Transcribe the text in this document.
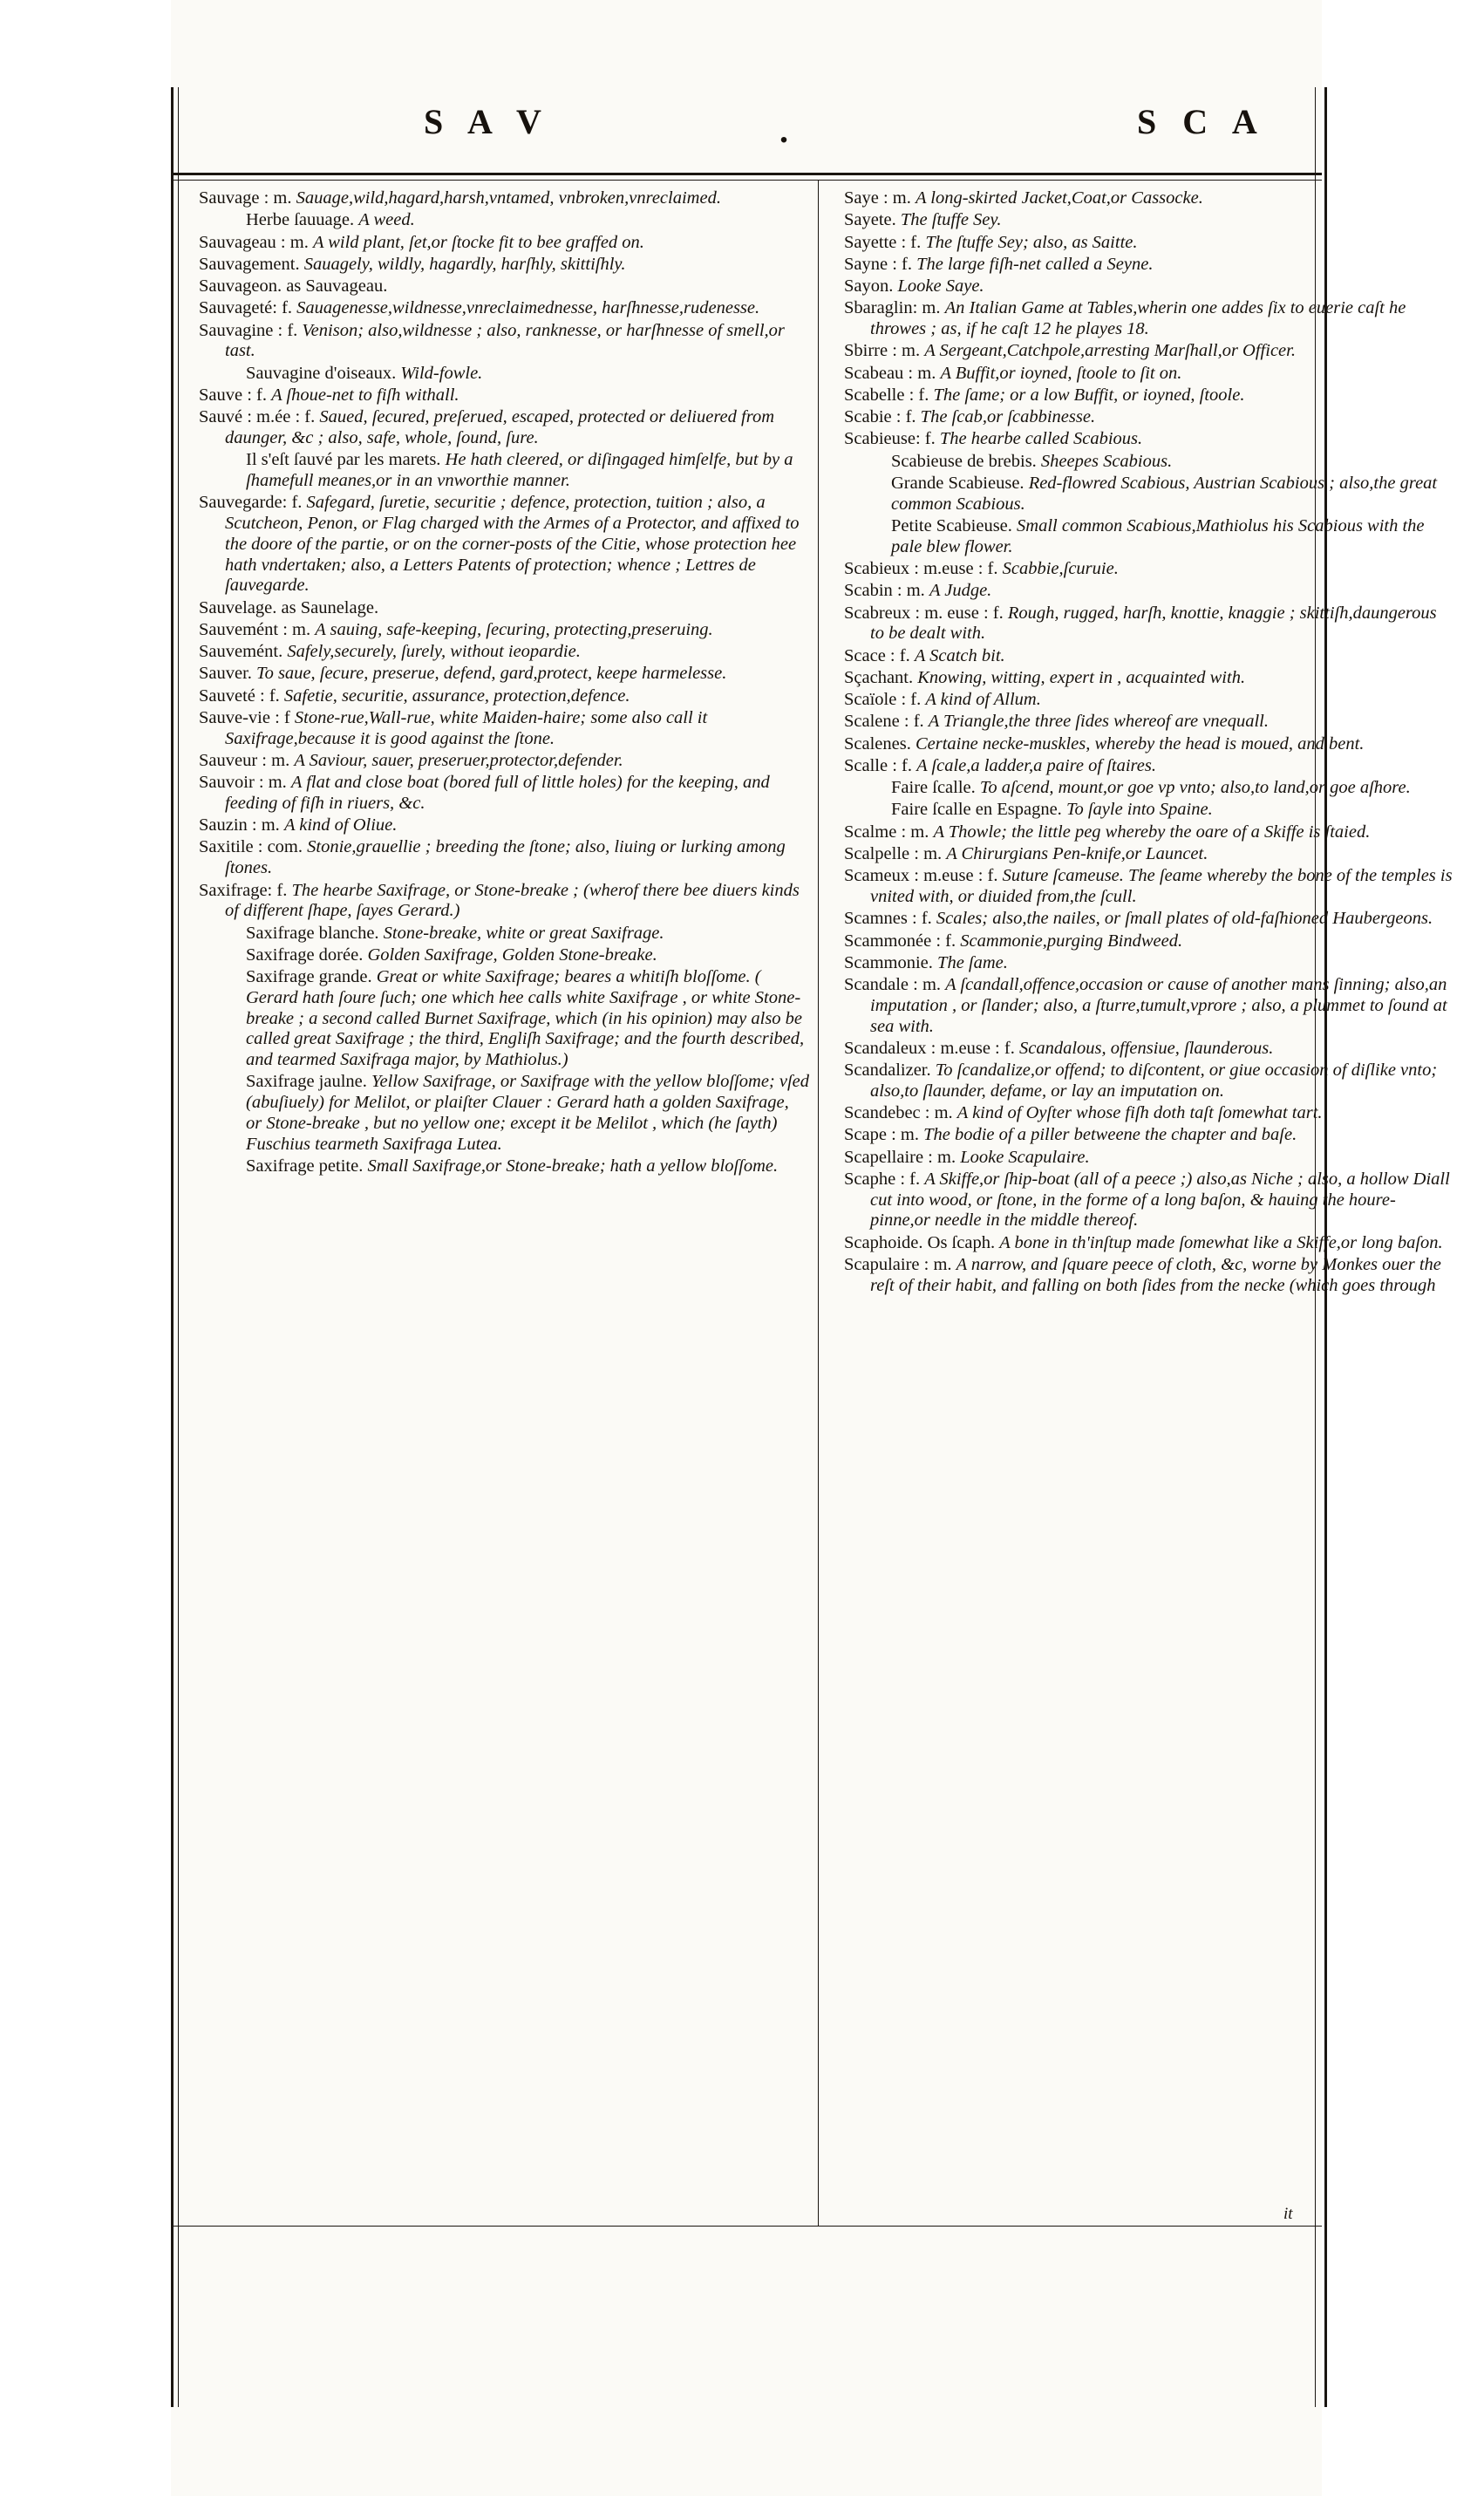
S A V	.	S C A

Sauvage : m. Sauage,wild,hagard,harsh,vntamed, vnbroken,vnreclaimed.

Herbe ſauuage. A weed.

Sauvageau : m. A wild plant, ſet,or ſtocke fit to bee graffed on.

Sauvagement. Sauagely, wildly, hagardly, harſhly, skittiſhly.

Sauvageon. as Sauvageau.

Sauvageté: f. Sauagenesse,wildnesse,vnreclaimednesse, harſhnesse,rudenesse.

Sauvagine : f. Venison; also,wildnesse ; also, ranknesse, or harſhnesse of smell,or tast.

Sauvagine d'oiseaux. Wild-fowle.

Sauve : f. A ſhoue-net to fiſh withall.

Sauvé : m.ée : f. Saued, ſecured, preſerued, escaped, protected or deliuered from daunger, &c ; also, safe, whole, ſound, ſure.

Il s'eſt ſauvé par les marets. He hath cleered, or diſingaged himſelfe, but by a ſhamefull meanes,or in an vnworthie manner.

Sauvegarde: f. Safegard, ſuretie, securitie ; defence, protection, tuition ; also, a Scutcheon, Penon, or Flag charged with the Armes of a Protector, and affixed to the doore of the partie, or on the corner-posts of the Citie, whose protection hee hath vndertaken; also, a Letters Patents of protection; whence ; Lettres de ſauvegarde.

Sauvelage. as Saunelage.

Sauvemént : m. A sauing, safe-keeping, ſecuring, protecting,preseruing.

Sauvemént. Safely,securely, ſurely, without ieopardie.

Sauver. To saue, ſecure, preserue, defend, gard,protect, keepe harmelesse.

Sauveté : f. Safetie, securitie, assurance, protection,defence.

Sauve-vie : f Stone-rue,Wall-rue, white Maiden-haire; some also call it Saxifrage,because it is good against the ſtone.

Sauveur : m. A Saviour, sauer, preseruer,protector,defender.

Sauvoir : m. A flat and close boat (bored full of little holes) for the keeping, and feeding of fiſh in riuers, &c.

Sauzin : m. A kind of Oliue.

Saxitile : com. Stonie,grauellie ; breeding the ſtone; also, liuing or lurking among ſtones.

Saxifrage: f. The hearbe Saxifrage, or Stone-breake ; (wherof there bee diuers kinds of different ſhape, ſayes Gerard.)

Saxifrage blanche. Stone-breake, white or great Saxifrage.

Saxifrage dorée. Golden Saxifrage, Golden Stone-breake.

Saxifrage grande. Great or white Saxifrage; beares a whitiſh bloſſome. ( Gerard hath ſoure ſuch; one which hee calls white Saxifrage , or white Stone-breake ; a second called Burnet Saxifrage, which (in his opinion) may also be called great Saxifrage ; the third, Engliſh Saxifrage; and the fourth described, and tearmed Saxifraga major, by Mathiolus.)

Saxifrage jaulne. Yellow Saxifrage, or Saxifrage with the yellow bloſſome; vſed (abuſiuely) for Melilot, or plaiſter Clauer : Gerard hath a golden Saxifrage, or Stone-breake , but no yellow one; except it be Melilot , which (he ſayth) Fuschius tearmeth Saxifraga Lutea.

Saxifrage petite. Small Saxifrage,or Stone-breake; hath a yellow bloſſome.

Saye : m. A long-skirted Jacket,Coat,or Cassocke.

Sayete. The ſtuffe Sey.

Sayette : f. The ſtuffe Sey; also, as Saitte.

Sayne : f. The large fiſh-net called a Seyne.

Sayon. Looke Saye.

Sbaraglin: m. An Italian Game at Tables,wherin one addes ſix to euerie caſt he throwes ; as, if he caſt 12 he playes 18.

Sbirre : m. A Sergeant,Catchpole,arresting Marſhall,or Officer.

Scabeau : m. A Buffit,or ioyned, ſtoole to ſit on.

Scabelle : f. The ſame; or a low Buffit, or ioyned, ſtoole.

Scabie : f. The ſcab,or ſcabbinesse.

Scabieuse: f. The hearbe called Scabious.

Scabieuse de brebis. Sheepes Scabious.

Grande Scabieuse. Red-flowred Scabious, Austrian Scabious ; also,the great common Scabious.

Petite Scabieuse. Small common Scabious,Mathiolus his Scabious with the pale blew flower.

Scabieux : m.euse : f. Scabbie,ſcuruie.

Scabin : m. A Judge.

Scabreux : m. euse : f. Rough, rugged, harſh, knottie, knaggie ; skittiſh,daungerous to be dealt with.

Scace : f. A Scatch bit.

Sçachant. Knowing, witting, expert in , acquainted with.

Scaïole : f. A kind of Allum.

Scalene : f. A Triangle,the three ſides whereof are vnequall.

Scalenes. Certaine necke-muskles, whereby the head is moued, and bent.

Scalle : f. A ſcale,a ladder,a paire of ſtaires.

Faire ſcalle. To aſcend, mount,or goe vp vnto; also,to land,or goe aſhore.

Faire ſcalle en Espagne. To ſayle into Spaine.

Scalme : m. A Thowle; the little peg whereby the oare of a Skiffe is ſtaied.

Scalpelle : m. A Chirurgians Pen-knife,or Launcet.

Scameux : m.euse : f. Suture ſcameuse. The ſeame whereby the bone of the temples is vnited with, or diuided from,the ſcull.

Scamnes : f. Scales; also,the nailes, or ſmall plates of old-faſhioned Haubergeons.

Scammonée : f. Scammonie,purging Bindweed.

Scammonie. The ſame.

Scandale : m. A ſcandall,offence,occasion or cause of another mans ſinning; also,an imputation , or ſlander; also, a ſturre,tumult,vprore ; also, a plummet to ſound at sea with.

Scandaleux : m.euse : f. Scandalous, offensiue, ſlaunderous.

Scandalizer. To ſcandalize,or offend; to diſcontent, or giue occasion of diſlike vnto; also,to ſlaunder, defame, or lay an imputation on.

Scandebec : m. A kind of Oyſter whose fiſh doth taſt ſomewhat tart.

Scape : m. The bodie of a piller betweene the chapter and baſe.

Scapellaire : m. Looke Scapulaire.

Scaphe : f. A Skiffe,or ſhip-boat (all of a peece ;) also,as Niche ; also, a hollow Diall cut into wood, or ſtone, in the forme of a long baſon, & hauing the houre-pinne,or needle in the middle thereof.

Scaphoide. Os ſcaph. A bone in th'inſtup made ſomewhat like a Skiffe,or long baſon.

Scapulaire : m. A narrow, and ſquare peece of cloth, &c, worne by Monkes ouer the reſt of their habit, and falling on both ſides from the necke (which goes through

it
